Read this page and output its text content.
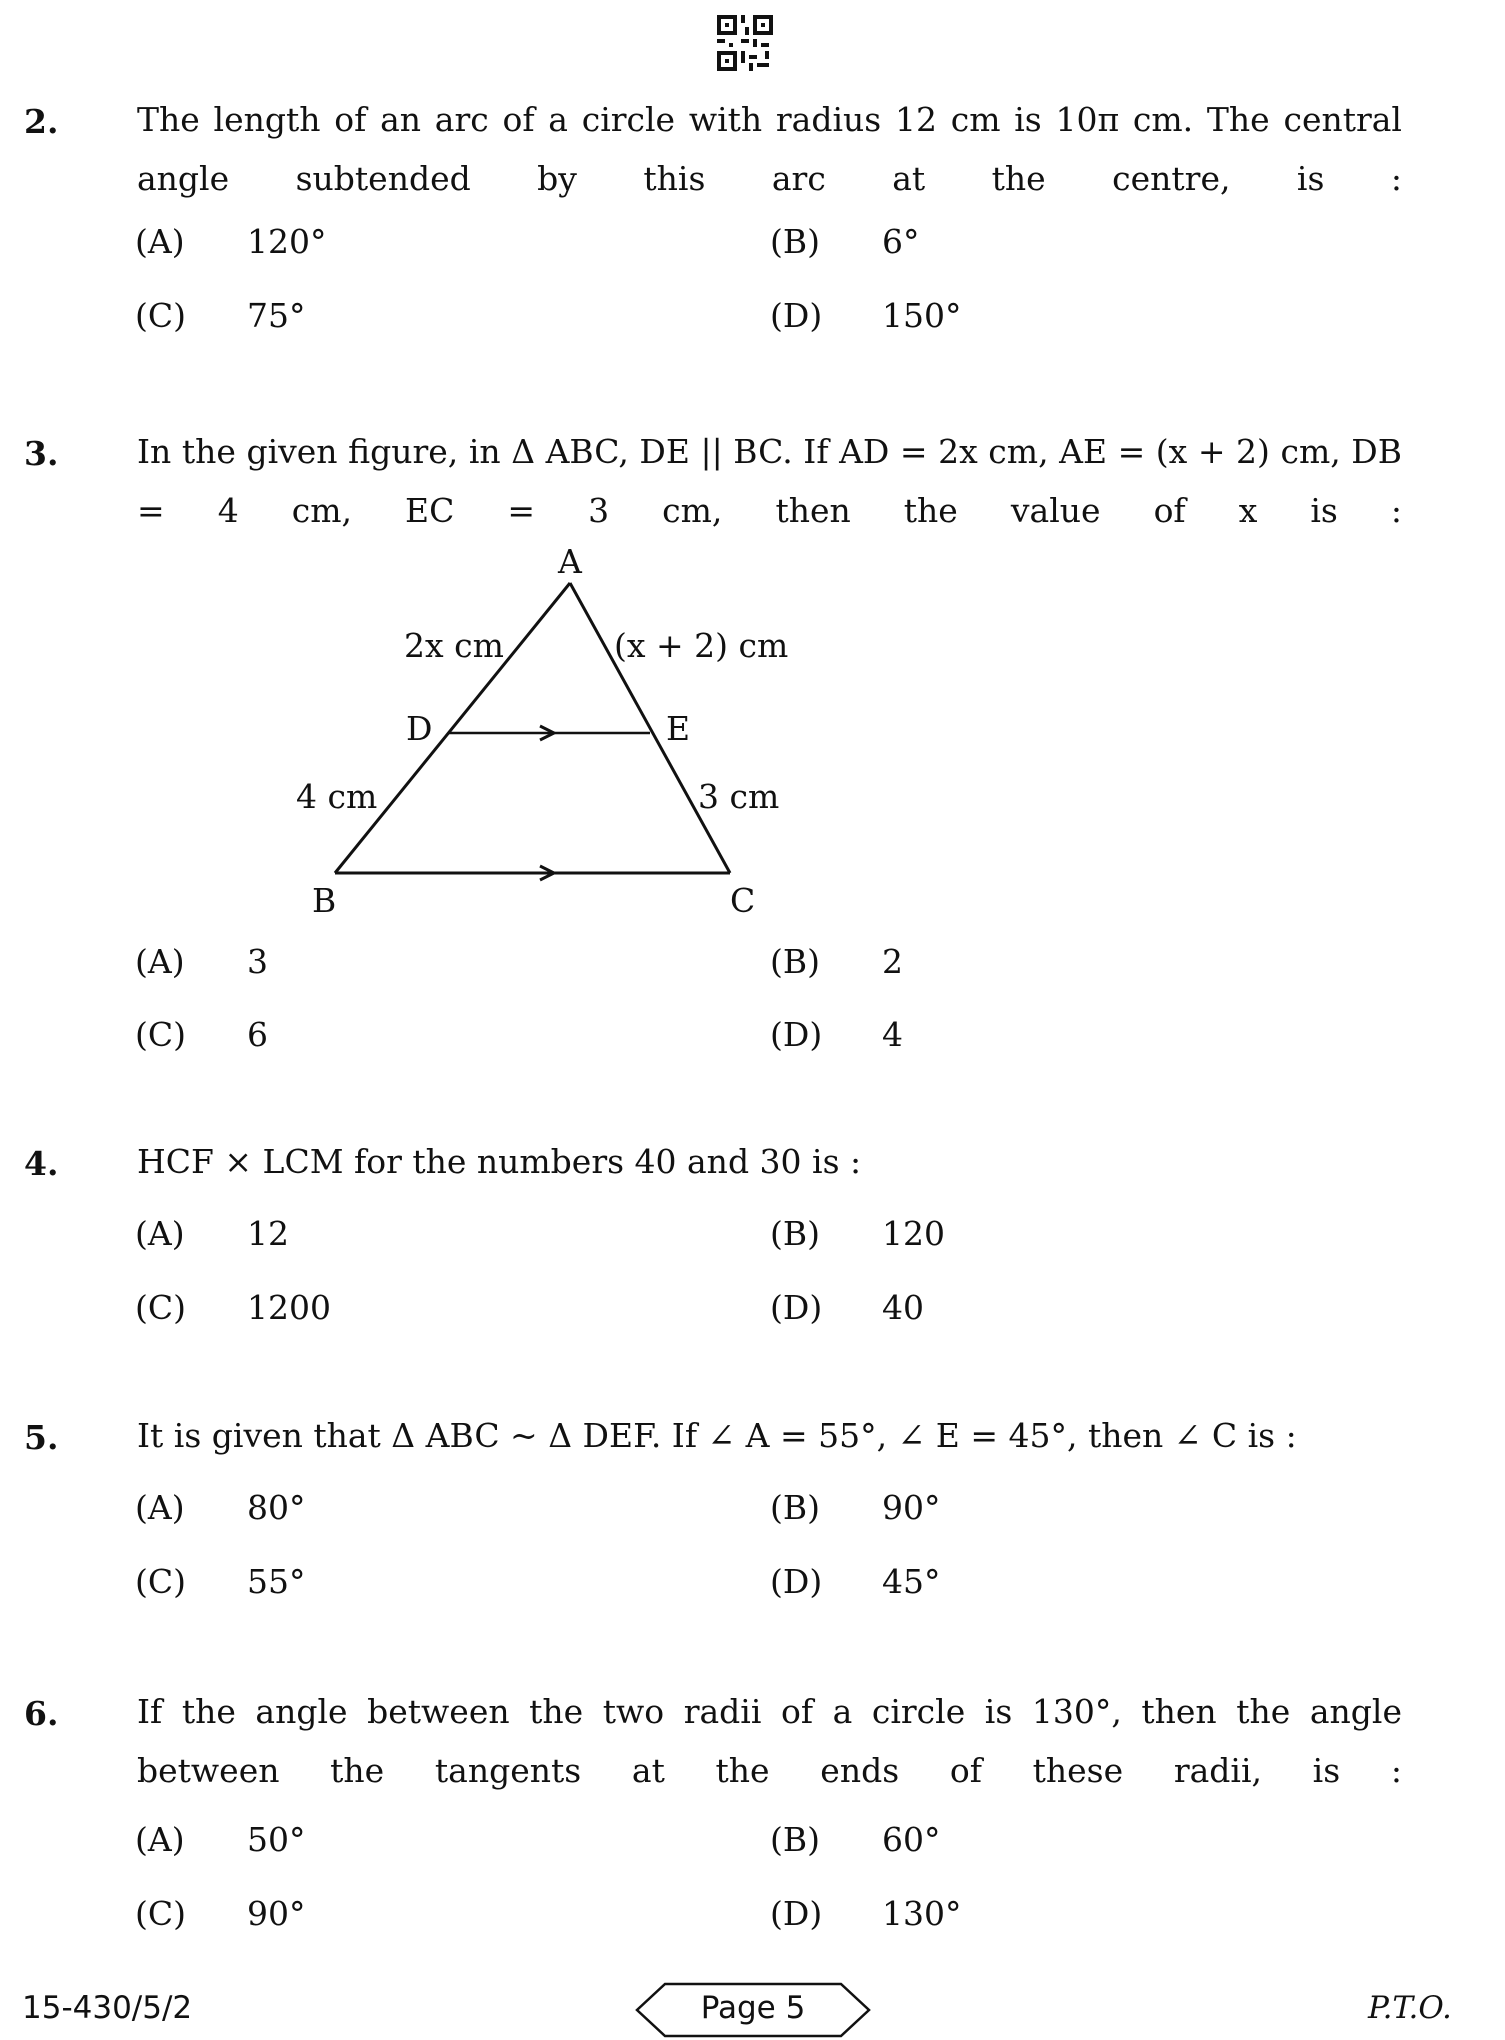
2. The length of an arc of a circle with radius 12 cm is 10π cm. The central angle subtended by this arc at the centre, is :
(A) 120°	(B) 6°
(C) 75°	(D) 150°
3. In the given figure, in Δ ABC, DE || BC. If AD = 2x cm, AE = (x + 2) cm, DB = 4 cm, EC = 3 cm, then the value of x is :
A
B	C
D	E
2x cm	(x + 2) cm
4 cm	3 cm
(A) 3	(B) 2
(C) 6	(D) 4
4. HCF × LCM for the numbers 40 and 30 is :
(A) 12	(B) 120
(C) 1200	(D) 40
5. It is given that Δ ABC ~ Δ DEF. If ∠ A = 55°, ∠ E = 45°, then ∠ C is :
(A) 80°	(B) 90°
(C) 55°	(D) 45°
6. If the angle between the two radii of a circle is 130°, then the angle between the tangents at the ends of these radii, is :
(A) 50°	(B) 60°
(C) 90°	(D) 130°
15-430/5/2	Page 5	P.T.O.
